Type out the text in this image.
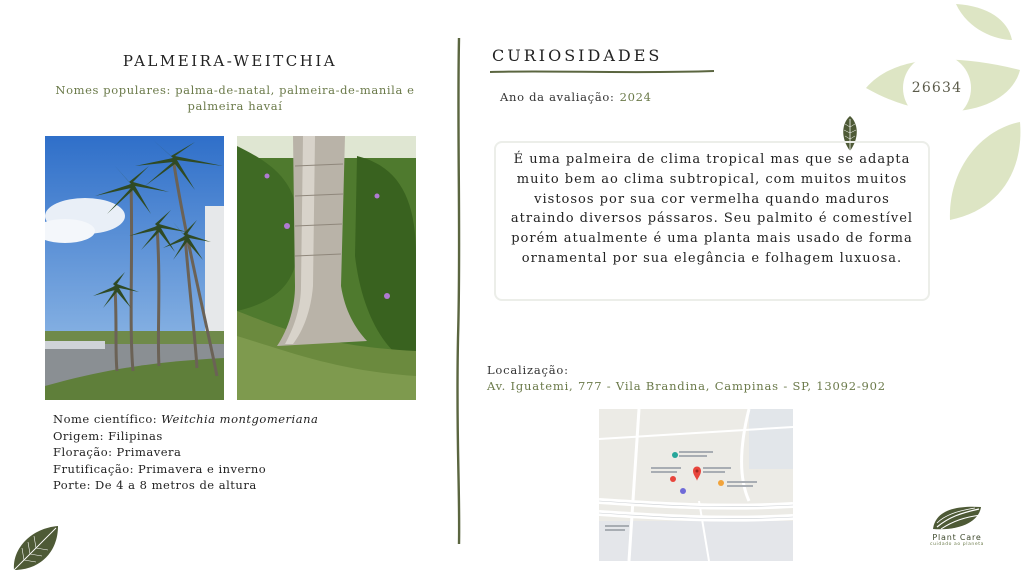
26634
PALMEIRA-WEITCHIA
Nomes populares: palma-de-natal, palmeira-de-manila e palmeira havaí
Nome científico: Weitchia montgomeriana
Origem: Filipinas
Floração: Primavera
Frutificação: Primavera e inverno
Porte: De 4 a 8 metros de altura
CURIOSIDADES
Ano da avaliação: 2024
É uma palmeira de clima tropical mas que se adapta muito bem ao clima subtropical, com muitos muitos vistosos por sua cor vermelha quando maduros atraindo diversos pássaros. Seu palmito é comestível porém atualmente é uma planta mais usado de forma ornamental por sua elegância e folhagem luxuosa.
Localização:
Av. Iguatemi, 777 - Vila Brandina, Campinas - SP, 13092-902
Plant Care
cuidado ao planeta
